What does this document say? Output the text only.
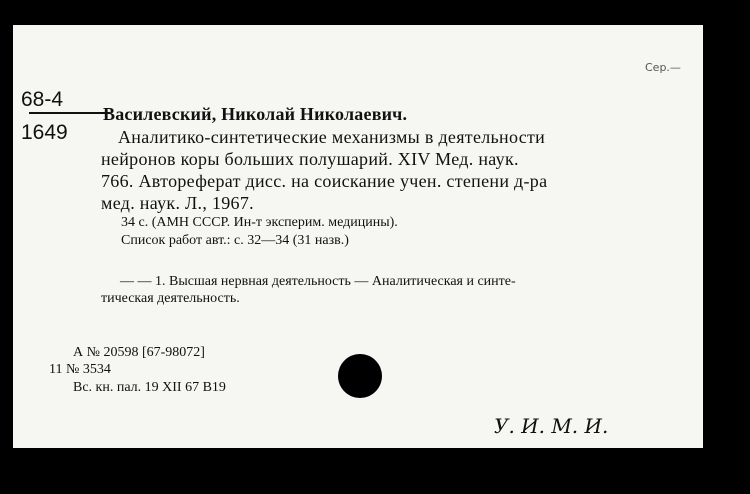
Сер.—
68-4
1649
Василевский, Николай Николаевич.
Аналитико-синтетические механизмы в деятельности
нейронов коры больших полушарий. XIV Мед. наук.
766. Автореферат дисс. на соискание учен. степени д-ра
мед. наук. Л., 1967.
34 с. (АМН СССР. Ин-т эксперим. медицины).
Список работ авт.: с. 32—34 (31 назв.)
— — 1. Высшая нервная деятельность — Аналитическая и синте-
тическая деятельность.
А № 20598 [67-98072]
11 № 3534
Вс. кн. пал. 19 XII 67 В19
У. И. М. И.
